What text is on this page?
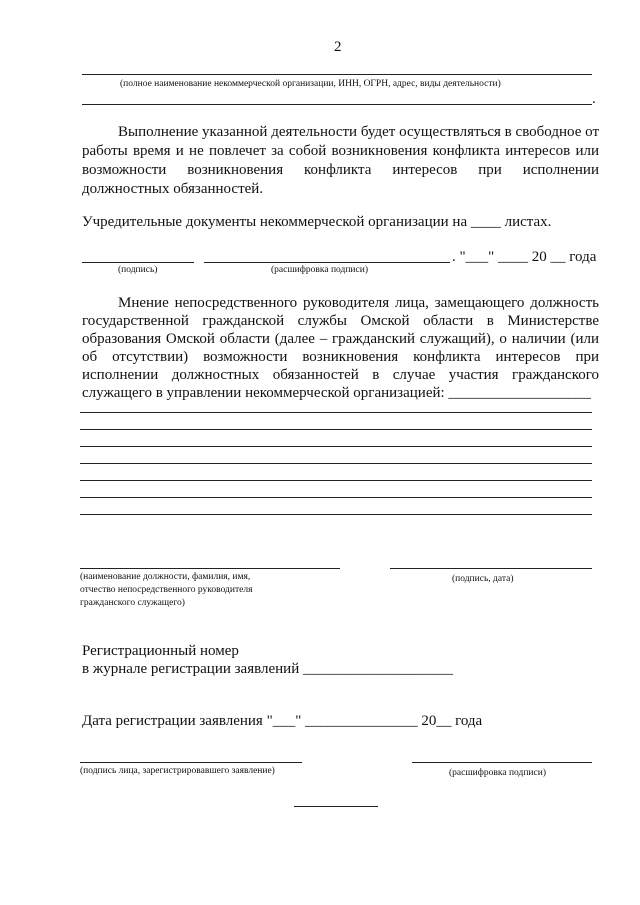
2
(полное наименование некоммерческой организации, ИНН, ОГРН, адрес, виды деятельности)
.
Выполнение указанной деятельности будет осуществляться в свободное от
работы время и не повлечет за собой возникновения конфликта интересов или
возможности возникновения конфликта интересов при исполнении
должностных обязанностей.
Учредительные документы некоммерческой организации на ____ листах.
. "___" ____ 20 __ года
(подпись)	(расшифровка подписи)
Мнение непосредственного руководителя лица, замещающего должность
государственной гражданской службы Омской области в Министерстве
образования Омской области (далее – гражданский служащий), о наличии (или
об отсутствии) возможности возникновения конфликта интересов при
исполнении должностных обязанностей в случае участия гражданского
служащего в управлении некоммерческой организацией: ___________________
(наименование должности, фамилия, имя,
отчество непосредственного руководителя
гражданского служащего)
(подпись, дата)
Регистрационный номер
в журнале регистрации заявлений ____________________
Дата регистрации заявления "___" _______________ 20__ года
(подпись лица, зарегистрировавшего заявление)	(расшифровка подписи)
